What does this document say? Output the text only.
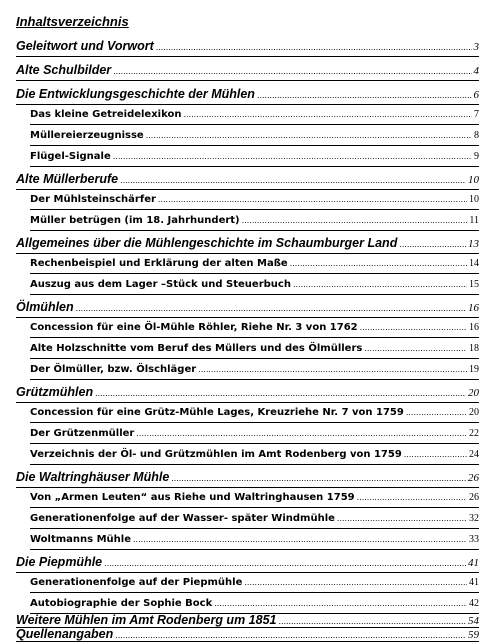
Inhaltsverzeichnis
Geleitwort und Vorwort .....	3
Alte Schulbilder .....	4
Die Entwicklungsgeschichte der Mühlen .....	6
Das kleine Getreidelexikon .....	7
Müllereierzeugnisse .....	8
Flügel-Signale .....	9
Alte Müllerberufe .....	10
Der Mühlsteinschärfer .....	10
Müller betrügen (im 18. Jahrhundert) .....	11
Allgemeines über die Mühlengeschichte im Schaumburger Land .....	13
Rechenbeispiel und Erklärung der alten Maße .....	14
Auszug aus dem Lager –Stück und Steuerbuch .....	15
Ölmühlen .....	16
Concession für eine Öl-Mühle Röhler, Riehe Nr. 3 von 1762 .....	16
Alte Holzschnitte vom Beruf des Müllers und des Ölmüllers .....	18
Der Ölmüller, bzw. Ölschläger .....	19
Grützmühlen .....	20
Concession für eine Grütz-Mühle Lages, Kreuzriehe Nr. 7 von 1759 .....	20
Der Grützenmüller .....	22
Verzeichnis der Öl- und Grützmühlen im Amt Rodenberg von 1759 .....	24
Die Waltringhäuser Mühle .....	26
Von „Armen Leuten“ aus Riehe und Waltringhausen 1759 .....	26
Generationenfolge auf der Wasser- später Windmühle .....	32
Woltmanns Mühle .....	33
Die Piepmühle .....	41
Generationenfolge auf der Piepmühle .....	41
Autobiographie der Sophie Bock .....	42
Weitere Mühlen im Amt Rodenberg um 1851 .....	54
Quellenangaben .....	59
